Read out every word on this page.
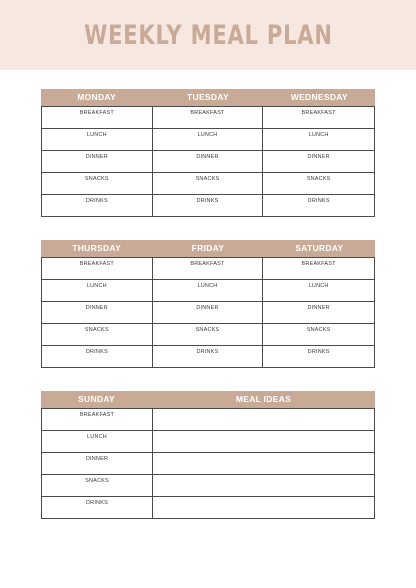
WEEKLY MEAL PLAN
MONDAY	TUESDAY	WEDNESDAY
BREAKFAST	BREAKFAST	BREAKFAST
LUNCH	LUNCH	LUNCH
DINNER	DINNER	DINNER
SNACKS	SNACKS	SNACKS
DRINKS	DRINKS	DRINKS
THURSDAY	FRIDAY	SATURDAY
BREAKFAST	BREAKFAST	BREAKFAST
LUNCH	LUNCH	LUNCH
DINNER	DINNER	DINNER
SNACKS	SNACKS	SNACKS
DRINKS	DRINKS	DRINKS
SUNDAY	MEAL IDEAS
BREAKFAST
LUNCH
DINNER
SNACKS
DRINKS
